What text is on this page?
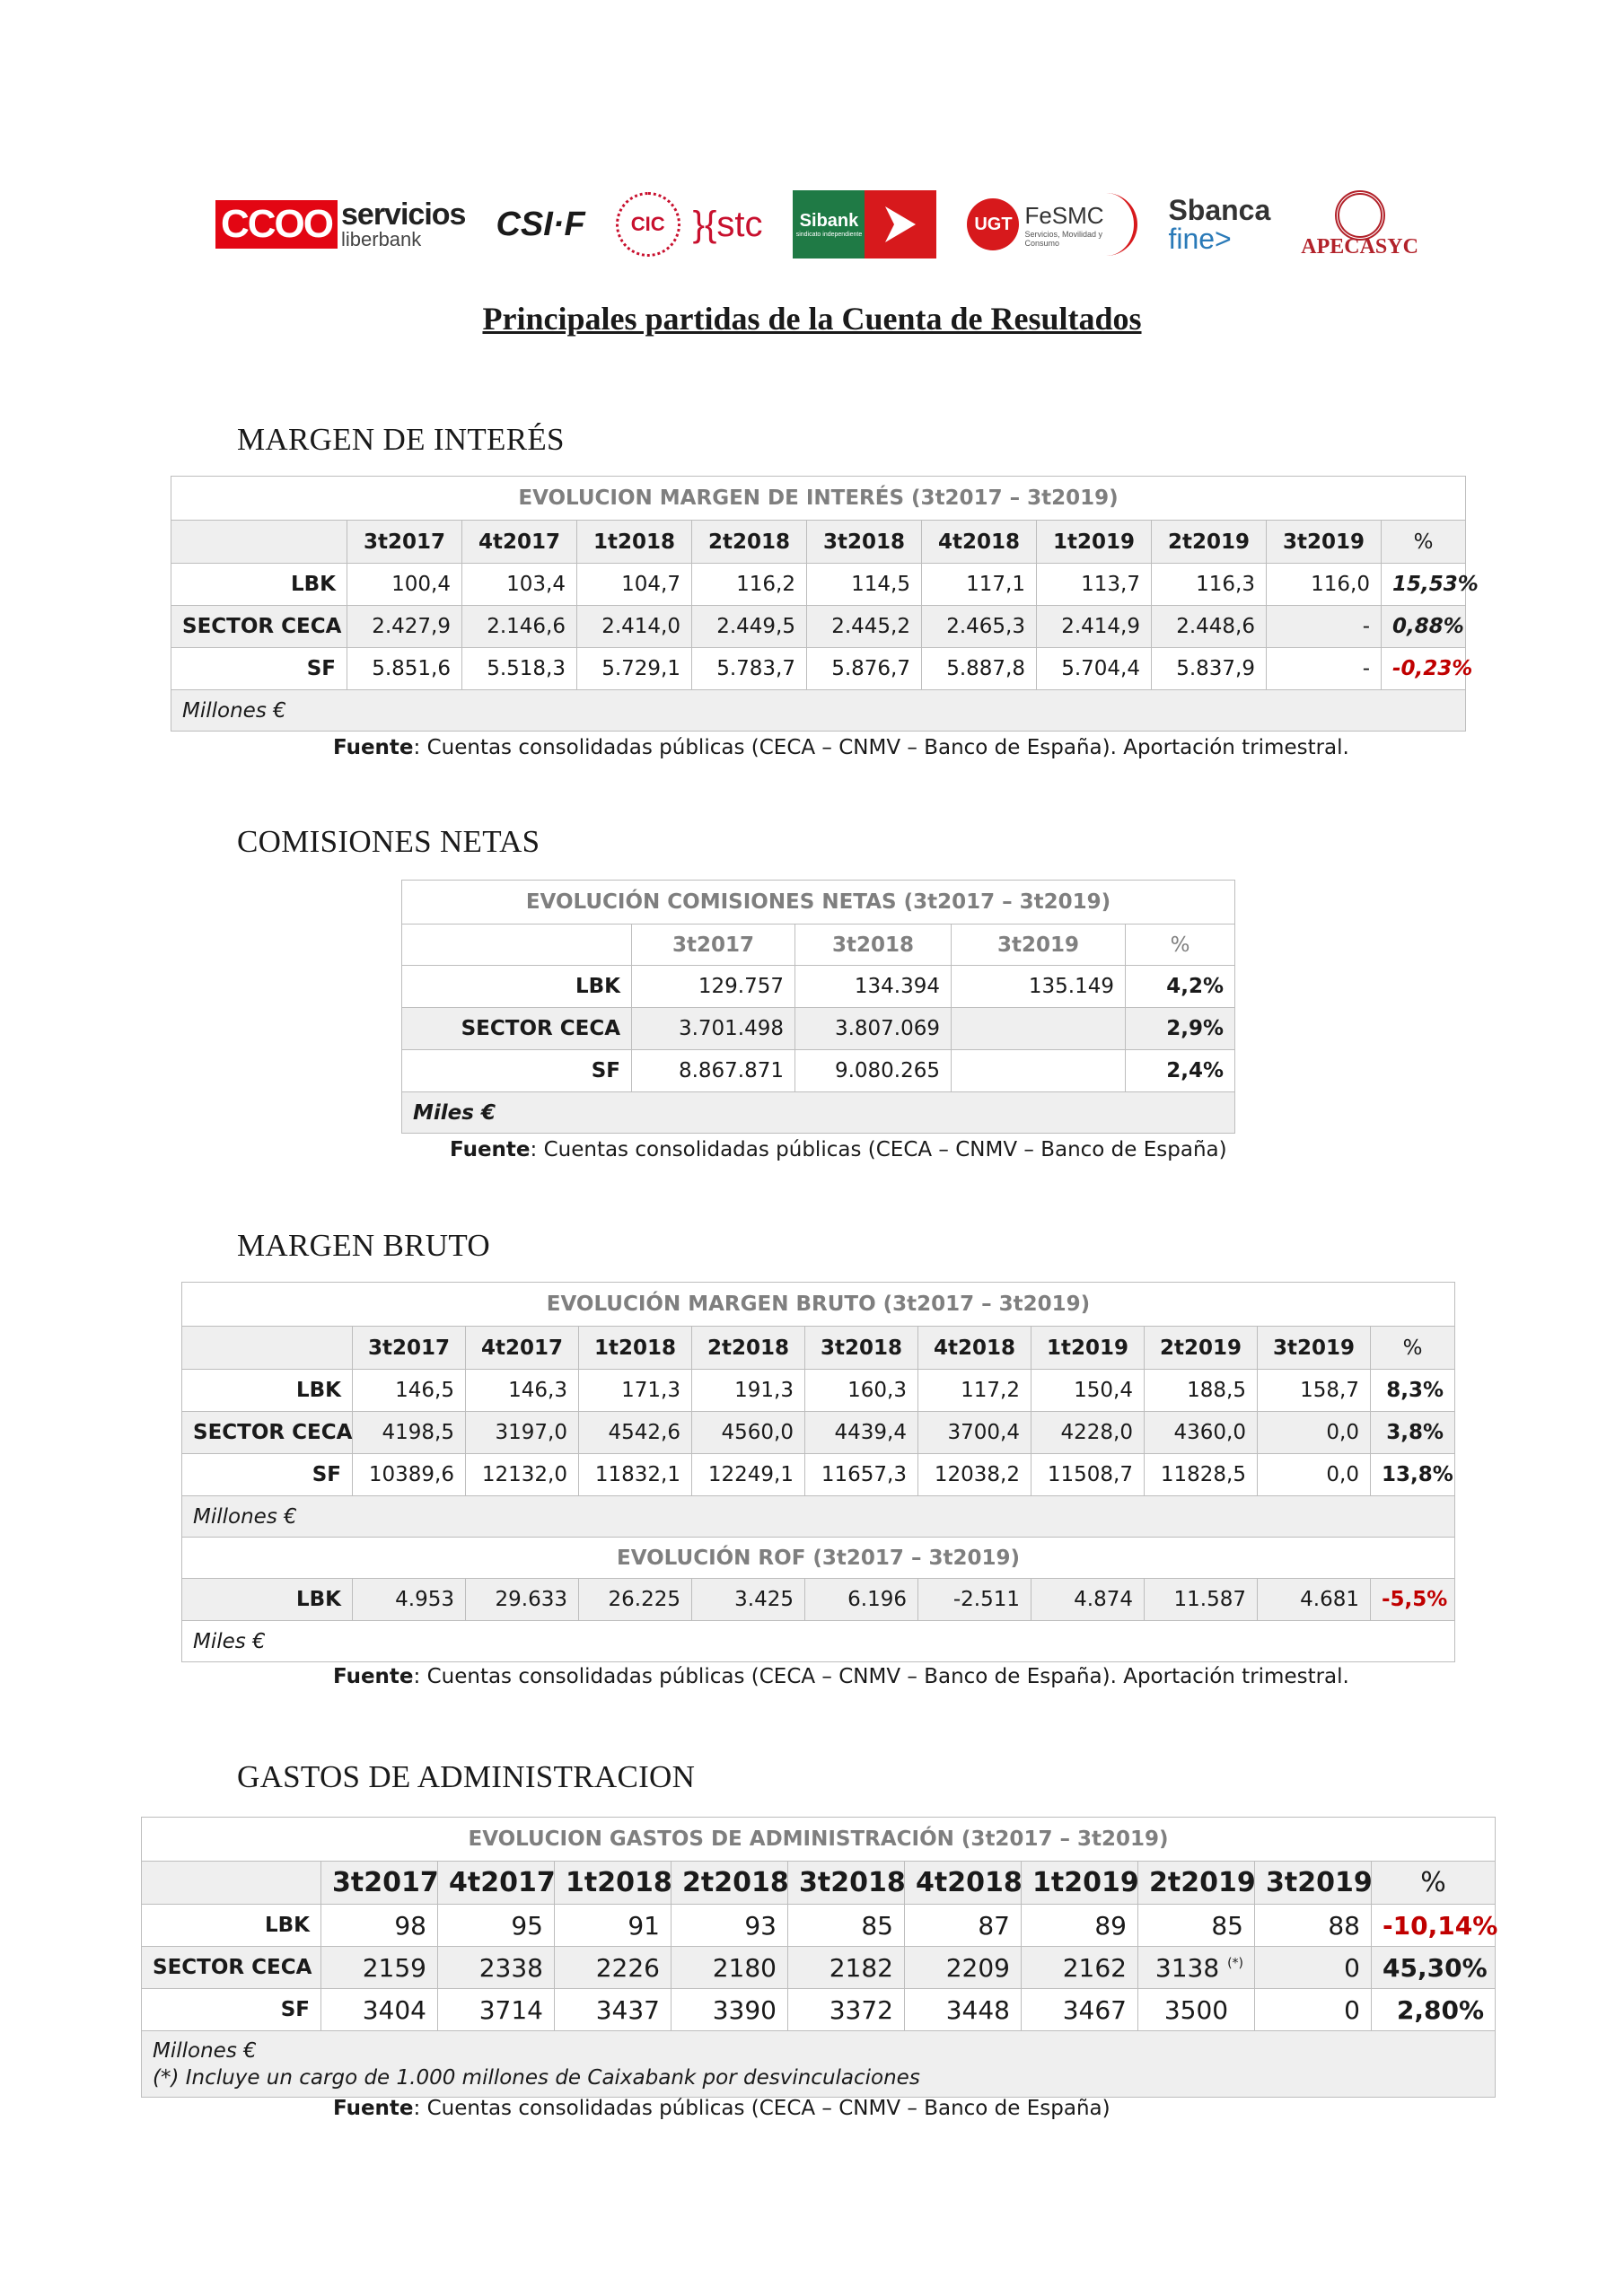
CCOO servicios
liberbank	CSI·F	CIC }{stc Sibank
sindicato independiente
UGT FeSMC
Servicios, Movilidad y Consumo
Sbanca
fine>	APECASYC
Principales partidas de la Cuenta de Resultados
MARGEN DE INTERÉS
EVOLUCION MARGEN DE INTERÉS (3t2017 – 3t2019)
	3t2017	4t2017	1t2018	2t2018	3t2018	4t2018	1t2019	2t2019	3t2019	%
LBK	100,4	103,4	104,7	116,2	114,5	117,1	113,7	116,3	116,0	15,53%
SECTOR CECA	2.427,9	2.146,6	2.414,0	2.449,5	2.445,2	2.465,3	2.414,9	2.448,6	-	0,88%
SF	5.851,6	5.518,3	5.729,1	5.783,7	5.876,7	5.887,8	5.704,4	5.837,9	-	-0,23%
Millones €										

Fuente: Cuentas consolidadas públicas (CECA – CNMV – Banco de España). Aportación trimestral.

COMISIONES NETAS
EVOLUCIÓN COMISIONES NETAS (3t2017 – 3t2019)
	3t2017	3t2018	3t2019	%
LBK	129.757	134.394	135.149	4,2%
SECTOR CECA	3.701.498	3.807.069		2,9%
SF	8.867.871	9.080.265		2,4%
Miles €				

Fuente: Cuentas consolidadas públicas (CECA – CNMV – Banco de España)

MARGEN BRUTO
EVOLUCIÓN MARGEN BRUTO (3t2017 – 3t2019)
	3t2017	4t2017	1t2018	2t2018	3t2018	4t2018	1t2019	2t2019	3t2019	%
LBK	146,5	146,3	171,3	191,3	160,3	117,2	150,4	188,5	158,7	8,3%
SECTOR CECA	4198,5	3197,0	4542,6	4560,0	4439,4	3700,4	4228,0	4360,0	0,0	3,8%
SF	10389,6	12132,0	11832,1	12249,1	11657,3	12038,2	11508,7	11828,5	0,0	13,8%
Millones €										
EVOLUCIÓN ROF (3t2017 – 3t2019)										
LBK	4.953	29.633	26.225	3.425	6.196	-2.511	4.874	11.587	4.681	-5,5%
Miles €										

Fuente: Cuentas consolidadas públicas (CECA – CNMV – Banco de España). Aportación trimestral.

GASTOS DE ADMINISTRACION
EVOLUCION GASTOS DE ADMINISTRACIÓN (3t2017 – 3t2019)
	3t2017	4t2017	1t2018	2t2018	3t2018	4t2018	1t2019	2t2019	3t2019	%
LBK	98	95	91	93	85	87	89	85	88	-10,14%
SECTOR CECA	2159	2338	2226	2180	2182	2209	2162	3138 (*)	0	45,30%
SF	3404	3714	3437	3390	3372	3448	3467	3500	0	2,80%

Millones €
(*) Incluye un cargo de 1.000 millones de Caixabank por desvinculaciones										

Fuente: Cuentas consolidadas públicas (CECA – CNMV – Banco de España)
